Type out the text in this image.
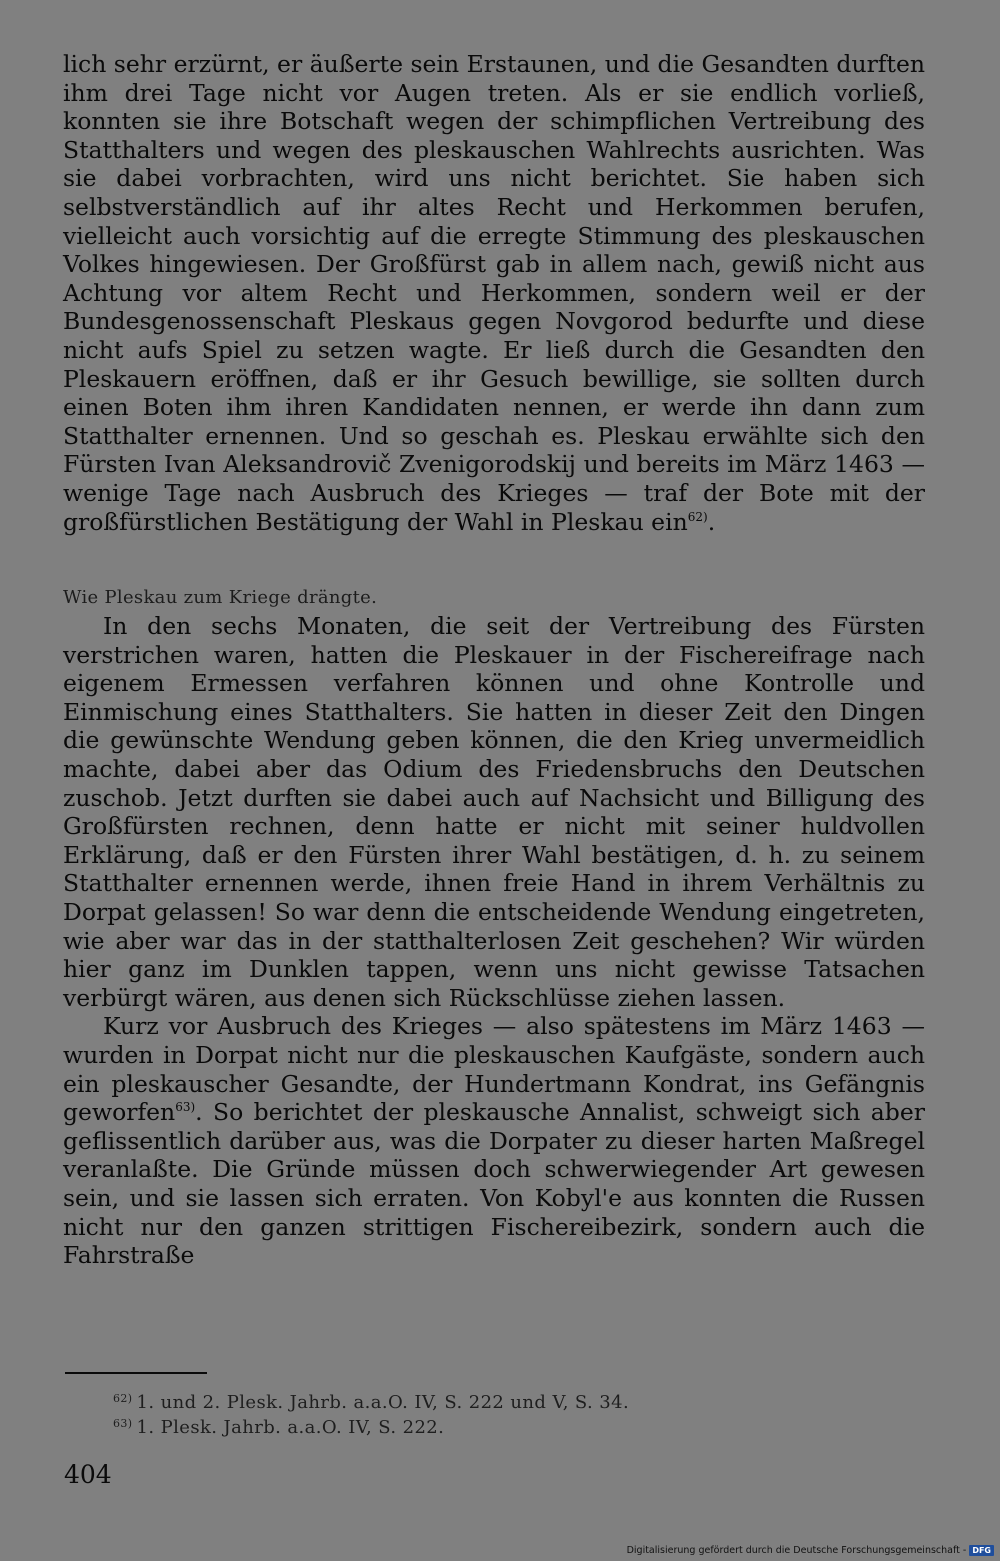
lich sehr erzürnt, er äußerte sein Erstaunen, und die Gesandten durften ihm drei Tage nicht vor Augen treten. Als er sie endlich vorließ, konnten sie ihre Botschaft wegen der schimpflichen Vertreibung des Statthalters und wegen des pleskauschen Wahlrechts ausrichten. Was sie dabei vorbrachten, wird uns nicht berichtet. Sie haben sich selbstverständlich auf ihr altes Recht und Herkommen berufen, vielleicht auch vorsichtig auf die erregte Stimmung des pleskauschen Volkes hingewiesen. Der Großfürst gab in allem nach, gewiß nicht aus Achtung vor altem Recht und Herkommen, sondern weil er der Bundesgenossenschaft Pleskaus gegen Novgorod bedurfte und diese nicht aufs Spiel zu setzen wagte. Er ließ durch die Gesandten den Pleskauern eröffnen, daß er ihr Gesuch bewillige, sie sollten durch einen Boten ihm ihren Kandidaten nennen, er werde ihn dann zum Statthalter ernennen. Und so geschah es. Pleskau erwählte sich den Fürsten Ivan Aleksandrovič Zvenigorodskij und bereits im März 1463 — wenige Tage nach Ausbruch des Krieges — traf der Bote mit der großfürstlichen Bestätigung der Wahl in Pleskau ein$^{62)}$.

Wie Pleskau zum Kriege drängte.

In den sechs Monaten, die seit der Vertreibung des Fürsten verstrichen waren, hatten die Pleskauer in der Fischereifrage nach eigenem Ermessen verfahren können und ohne Kontrolle und Einmischung eines Statthalters. Sie hatten in dieser Zeit den Dingen die gewünschte Wendung geben können, die den Krieg unvermeidlich machte, dabei aber das Odium des Friedensbruchs den Deutschen zuschob. Jetzt durften sie dabei auch auf Nachsicht und Billigung des Großfürsten rechnen, denn hatte er nicht mit seiner huldvollen Erklärung, daß er den Fürsten ihrer Wahl bestätigen, d. h. zu seinem Statthalter ernennen werde, ihnen freie Hand in ihrem Verhältnis zu Dorpat gelassen! So war denn die entscheidende Wendung eingetreten, wie aber war das in der statthalterlosen Zeit geschehen? Wir würden hier ganz im Dunklen tappen, wenn uns nicht gewisse Tatsachen verbürgt wären, aus denen sich Rückschlüsse ziehen lassen.

Kurz vor Ausbruch des Krieges — also spätestens im März 1463 — wurden in Dorpat nicht nur die pleskauschen Kaufgäste, sondern auch ein pleskauscher Gesandte, der Hundertmann Kondrat, ins Gefängnis geworfen$^{63)}$. So berichtet der pleskausche Annalist, schweigt sich aber geflissentlich darüber aus, was die Dorpater zu dieser harten Maßregel veranlaßte. Die Gründe müssen doch schwerwiegender Art gewesen sein, und sie lassen sich erraten. Von Kobyl'e aus konnten die Russen nicht nur den ganzen strittigen Fischereibezirk, sondern auch die Fahrstraße

$^{62)}$ 1. und 2. Plesk. Jahrb. a.a.O. IV, S. 222 und V, S. 34.
$^{63)}$ 1. Plesk. Jahrb. a.a.O. IV, S. 222.
404
Digitalisierung gefördert durch die Deutsche Forschungsgemeinschaft - DFG
